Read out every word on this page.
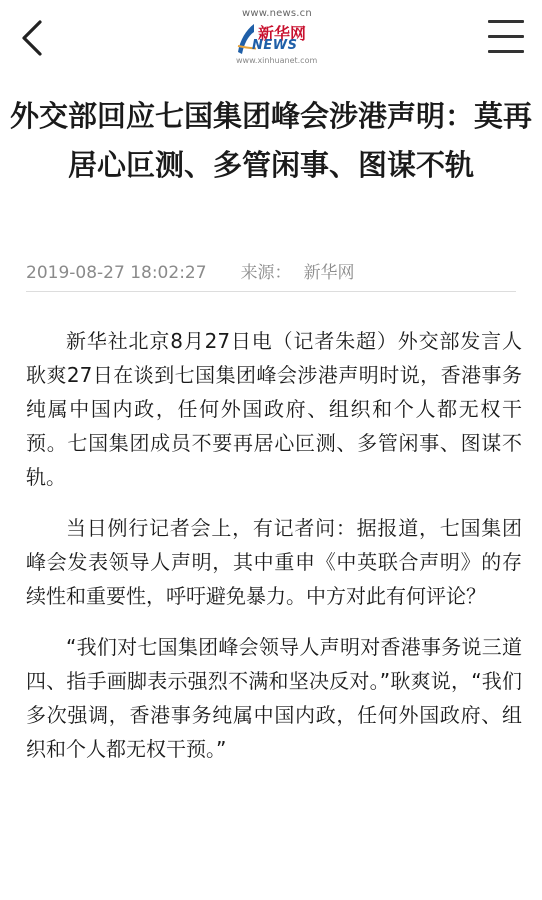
www.news.cn
新华网
NEWS
www.xinhuanet.com
外交部回应七国集团峰会涉港声明：莫再居心叵测、多管闲事、图谋不轨
2019-08-27 18:02:27 来源： 新华网

新华社北京8月27日电（记者朱超）外交部发言人耿爽27日在谈到七国集团峰会涉港声明时说，香港事务纯属中国内政，任何外国政府、组织和个人都无权干预。七国集团成员不要再居心叵测、多管闲事、图谋不轨。

当日例行记者会上，有记者问：据报道，七国集团峰会发表领导人声明，其中重申《中英联合声明》的存续性和重要性，呼吁避免暴力。中方对此有何评论？

“我们对七国集团峰会领导人声明对香港事务说三道四、指手画脚表示强烈不满和坚决反对。”耿爽说，“我们多次强调，香港事务纯属中国内政，任何外国政府、组织和个人都无权干预。”
